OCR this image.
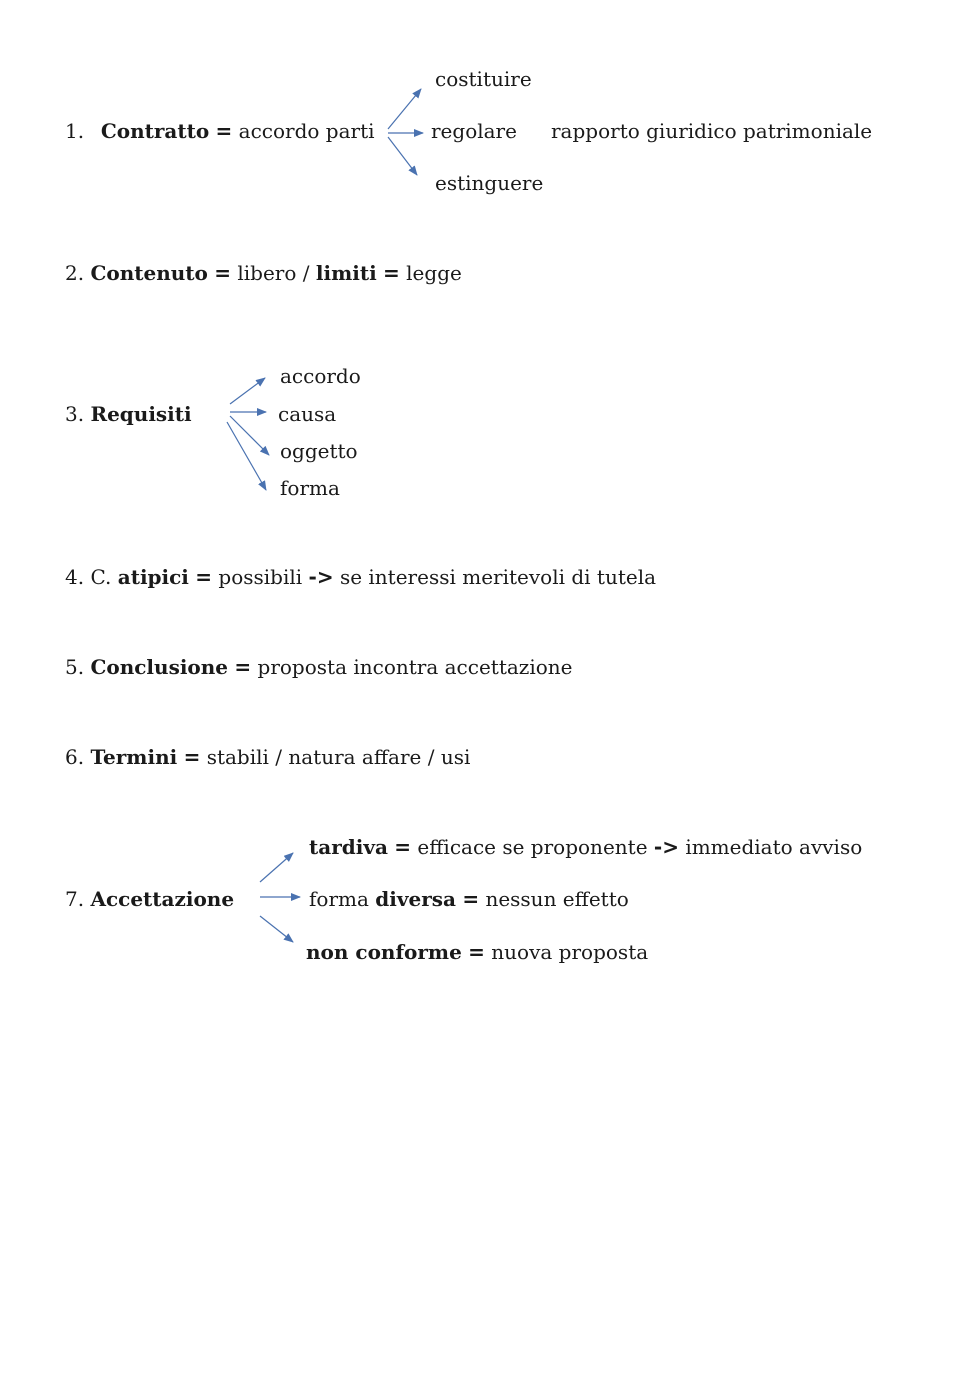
1. Contratto = accordo parti
costituire
regolare
estinguere
rapporto giuridico patrimoniale
2. Contenuto = libero / limiti = legge
3. Requisiti
accordo
causa
oggetto
forma
4. C. atipici = possibili -> se interessi meritevoli di tutela
5. Conclusione = proposta incontra accettazione
6. Termini = stabili / natura affare / usi
7. Accettazione
tardiva = efficace se proponente -> immediato avviso
forma diversa = nessun effetto
non conforme = nuova proposta
